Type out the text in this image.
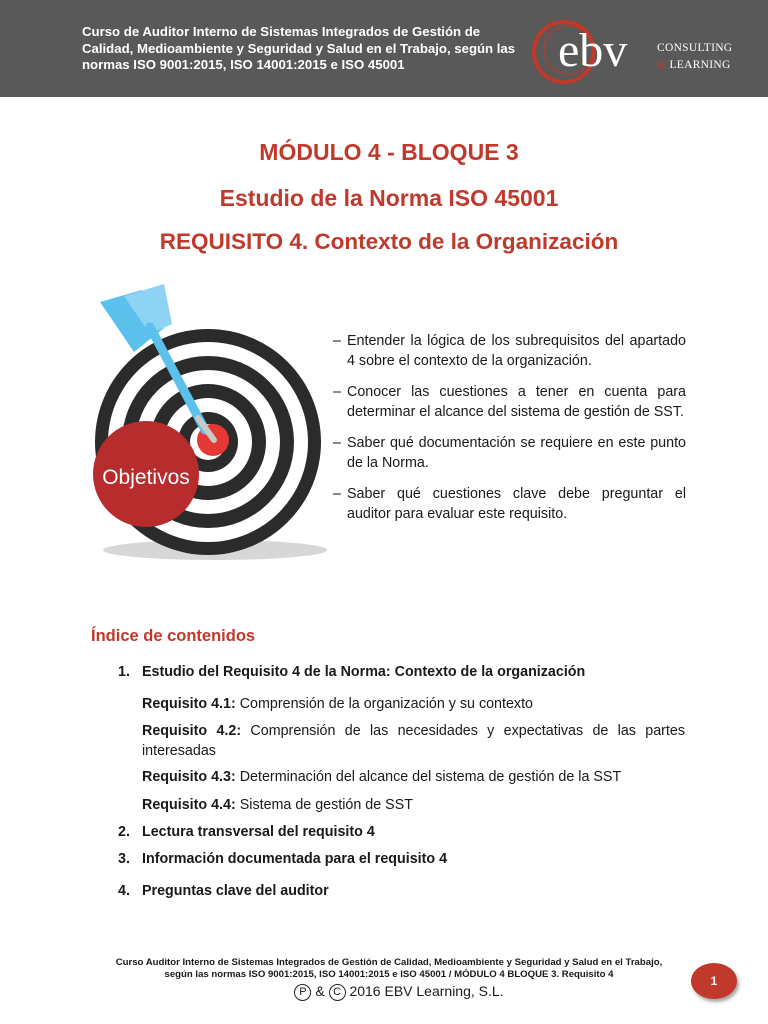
Curso de Auditor Interno de Sistemas Integrados de Gestión de Calidad, Medioambiente y Seguridad y Salud en el Trabajo, según las normas ISO 9001:2015, ISO 14001:2015 e ISO 45001	ebv	CONSULTING
& LEARNING
MÓDULO 4 - BLOQUE 3
Estudio de la Norma ISO 45001
REQUISITO 4. Contexto de la Organización
Objetivos
– Entender la lógica de los subrequisitos del apartado 4 sobre el contexto de la organización.
– Conocer las cuestiones a tener en cuenta para determinar el alcance del sistema de gestión de SST.
– Saber qué documentación se requiere en este punto de la Norma.
– Saber qué cuestiones clave debe preguntar el auditor para evaluar este requisito.
Índice de contenidos
1. Estudio del Requisito 4 de la Norma: Contexto de la organización
Requisito 4.1: Comprensión de la organización y su contexto
Requisito 4.2: Comprensión de las necesidades y expectativas de las partes interesadas
Requisito 4.3: Determinación del alcance del sistema de gestión de la SST
Requisito 4.4: Sistema de gestión de SST
2. Lectura transversal del requisito 4
3. Información documentada para el requisito 4
4. Preguntas clave del auditor
Curso Auditor Interno de Sistemas Integrados de Gestión de Calidad, Medioambiente y Seguridad y Salud en el Trabajo,
según las normas ISO 9001:2015, ISO 14001:2015 e ISO 45001 / MÓDULO 4 BLOQUE 3. Requisito 4
P & C 2016 EBV Learning, S.L.
1
